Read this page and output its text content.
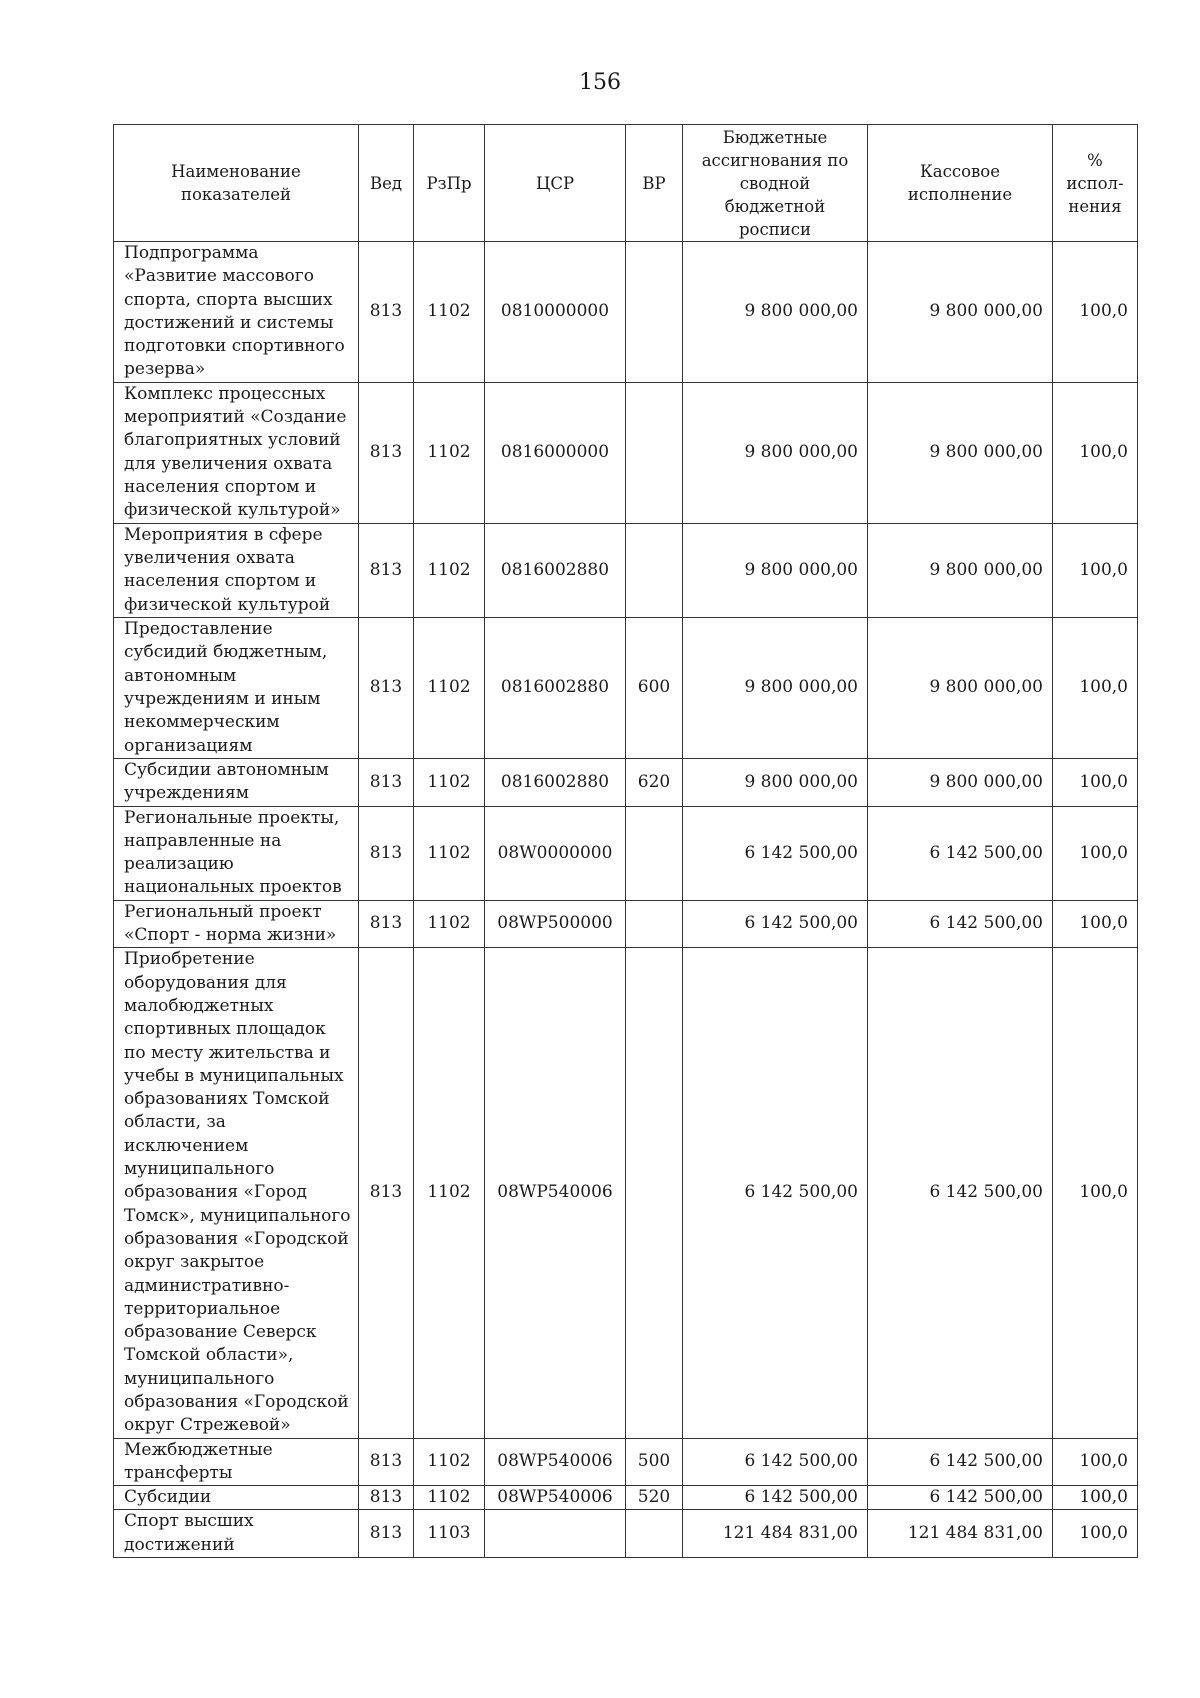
156
Наименование показателей	Вед	РзПр	ЦСР	ВР	Бюджетные ассигнования по сводной бюджетной росписи	Кассовое исполнение	% испол-нения
Подпрограмма «Развитие массового спорта, спорта высших достижений и системы подготовки спортивного резерва»	813	1102	0810000000		9 800 000,00	9 800 000,00	100,0
Комплекс процессных мероприятий «Создание благоприятных условий для увеличения охвата населения спортом и физической культурой»	813	1102	0816000000		9 800 000,00	9 800 000,00	100,0
Мероприятия в сфере увеличения охвата населения спортом и физической культурой	813	1102	0816002880		9 800 000,00	9 800 000,00	100,0
Предоставление субсидий бюджетным, автономным учреждениям и иным некоммерческим организациям	813	1102	0816002880	600	9 800 000,00	9 800 000,00	100,0
Субсидии автономным учреждениям	813	1102	0816002880	620	9 800 000,00	9 800 000,00	100,0
Региональные проекты, направленные на реализацию национальных проектов	813	1102	08W0000000		6 142 500,00	6 142 500,00	100,0
Региональный проект «Спорт - норма жизни»	813	1102	08WP500000		6 142 500,00	6 142 500,00	100,0
Приобретение оборудования для малобюджетных спортивных площадок по месту жительства и учебы в муниципальных образованиях Томской области, за исключением муниципального образования «Город Томск», муниципального образования «Городской округ закрытое административно-территориальное образование Северск Томской области», муниципального образования «Городской округ Стрежевой»	813	1102	08WP540006		6 142 500,00	6 142 500,00	100,0
Межбюджетные трансферты	813	1102	08WP540006	500	6 142 500,00	6 142 500,00	100,0
Субсидии	813	1102	08WP540006	520	6 142 500,00	6 142 500,00	100,0
Спорт высших достижений	813	1103			121 484 831,00	121 484 831,00	100,0
